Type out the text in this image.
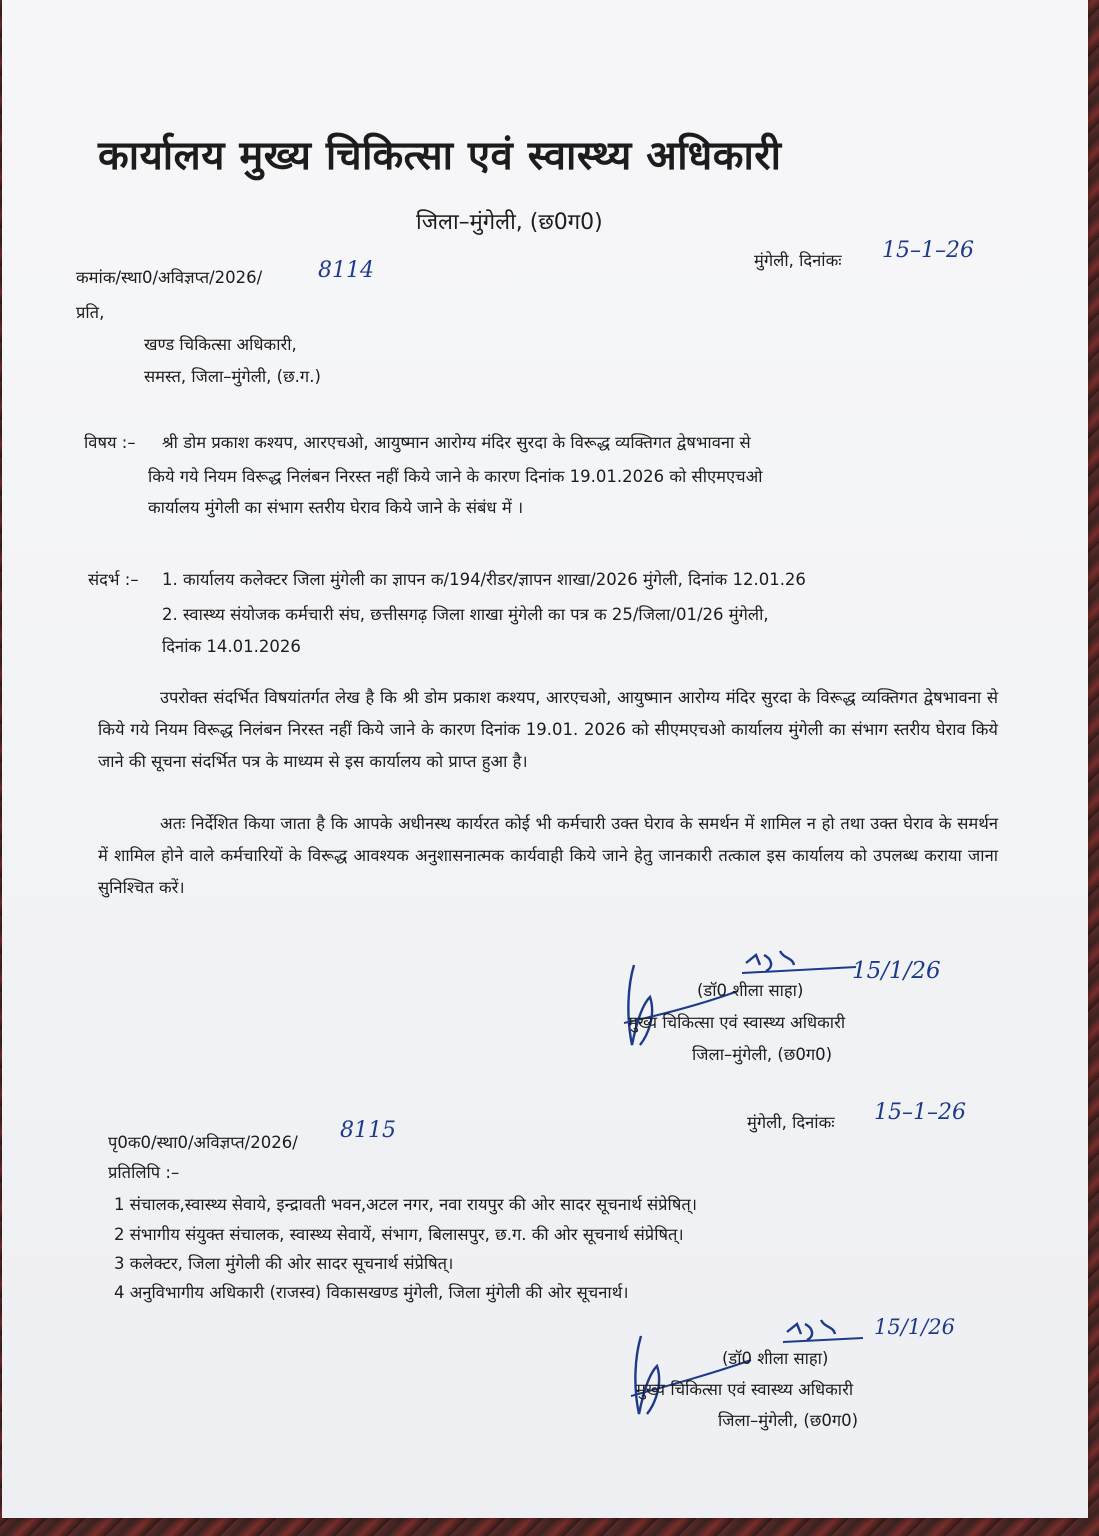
कार्यालय मुख्य चिकित्सा एवं स्वास्थ्य अधिकारी
जिला–मुंगेली, (छ0ग0)
कमांक/स्था0/अविज्ञप्त/2026/	8114	मुंगेली, दिनांकः 15–1–26
प्रति,
खण्ड चिकित्सा अधिकारी,
समस्त, जिला–मुंगेली, (छ.ग.)
विषय :– श्री डोम प्रकाश कश्यप, आरएचओ, आयुष्मान आरोग्य मंदिर सुरदा के विरूद्ध व्यक्तिगत द्वेषभावना से
किये गये नियम विरूद्ध निलंबन निरस्त नहीं किये जाने के कारण दिनांक 19.01.2026 को सीएमएचओ
कार्यालय मुंगेली का संभाग स्तरीय घेराव किये जाने के संबंध में ।
संदर्भ :– 1. कार्यालय कलेक्टर जिला मुंगेली का ज्ञापन क/194/रीडर/ज्ञापन शाखा/2026 मुंगेली, दिनांक 12.01.26
2. स्वास्थ्य संयोजक कर्मचारी संघ, छत्तीसगढ़ जिला शाखा मुंगेली का पत्र क 25/जिला/01/26 मुंगेली,
दिनांक 14.01.2026
उपरोक्त संदर्भित विषयांतर्गत लेख है कि श्री डोम प्रकाश कश्यप, आरएचओ, आयुष्मान आरोग्य मंदिर सुरदा के विरूद्ध व्यक्तिगत द्वेषभावना से किये गये नियम विरूद्ध निलंबन निरस्त नहीं किये जाने के कारण दिनांक 19.01. 2026 को सीएमएचओ कार्यालय मुंगेली का संभाग स्तरीय घेराव किये जाने की सूचना संदर्भित पत्र के माध्यम से इस कार्यालय को प्राप्त हुआ है।
अतः निर्देशित किया जाता है कि आपके अधीनस्थ कार्यरत कोई भी कर्मचारी उक्त घेराव के समर्थन में शामिल न हो तथा उक्त घेराव के समर्थन में शामिल होने वाले कर्मचारियों के विरूद्ध आवश्यक अनुशासनात्मक कार्यवाही किये जाने हेतु जानकारी तत्काल इस कार्यालय को उपलब्ध कराया जाना सुनिश्चित करें।
15/1/26
(डॉ0 शीला साहा)
मुख्य चिकित्सा एवं स्वास्थ्य अधिकारी
जिला–मुंगेली, (छ0ग0)
पृ0क0/स्था0/अविज्ञप्त/2026/ 8115	मुंगेली, दिनांकः 15–1–26
प्रतिलिपि :–
1 संचालक,स्वास्थ्य सेवाये, इन्द्रावती भवन,अटल नगर, नवा रायपुर की ओर सादर सूचनार्थ संप्रेषित्।
2 संभागीय संयुक्त संचालक, स्वास्थ्य सेवायें, संभाग, बिलासपुर, छ.ग. की ओर सूचनार्थ संप्रेषित्।
3 कलेक्टर, जिला मुंगेली की ओर सादर सूचनार्थ संप्रेषित्।
4 अनुविभागीय अधिकारी (राजस्व) विकासखण्ड मुंगेली, जिला मुंगेली की ओर सूचनार्थ।
15/1/26
(डॉ0 शीला साहा)
मुख्य चिकित्सा एवं स्वास्थ्य अधिकारी
जिला–मुंगेली, (छ0ग0)
